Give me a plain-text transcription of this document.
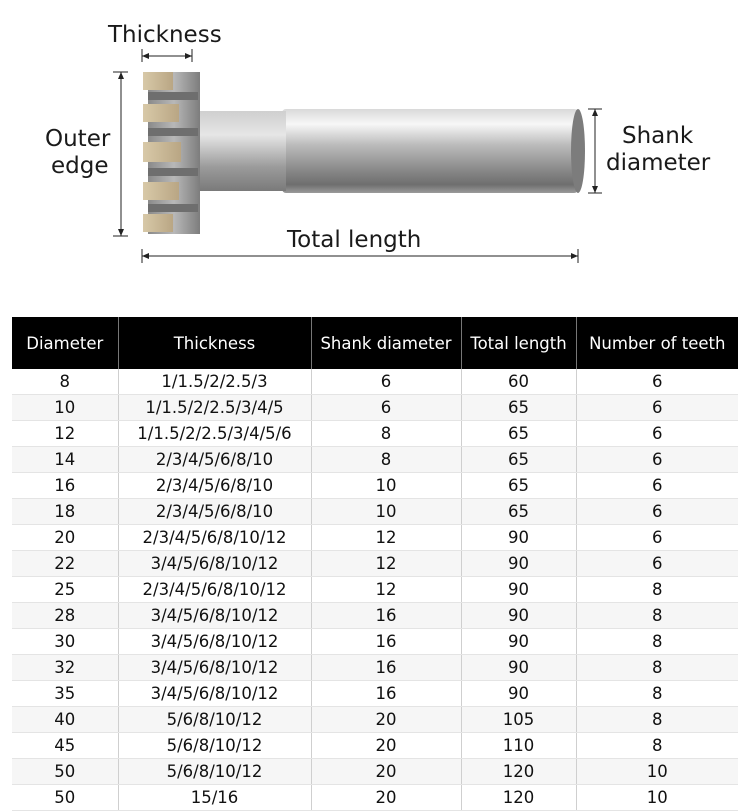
Thickness
Outer
edge
Shank
diameter
Total length
Diameter	Thickness	Shank diameter	Total length	Number of teeth
8	1/1.5/2/2.5/3	6	60	6
10	1/1.5/2/2.5/3/4/5	6	65	6
12	1/1.5/2/2.5/3/4/5/6	8	65	6
14	2/3/4/5/6/8/10	8	65	6
16	2/3/4/5/6/8/10	10	65	6
18	2/3/4/5/6/8/10	10	65	6
20	2/3/4/5/6/8/10/12	12	90	6
22	3/4/5/6/8/10/12	12	90	6
25	2/3/4/5/6/8/10/12	12	90	8
28	3/4/5/6/8/10/12	16	90	8
30	3/4/5/6/8/10/12	16	90	8
32	3/4/5/6/8/10/12	16	90	8
35	3/4/5/6/8/10/12	16	90	8
40	5/6/8/10/12	20	105	8
45	5/6/8/10/12	20	110	8
50	5/6/8/10/12	20	120	10
50	15/16	20	120	10
